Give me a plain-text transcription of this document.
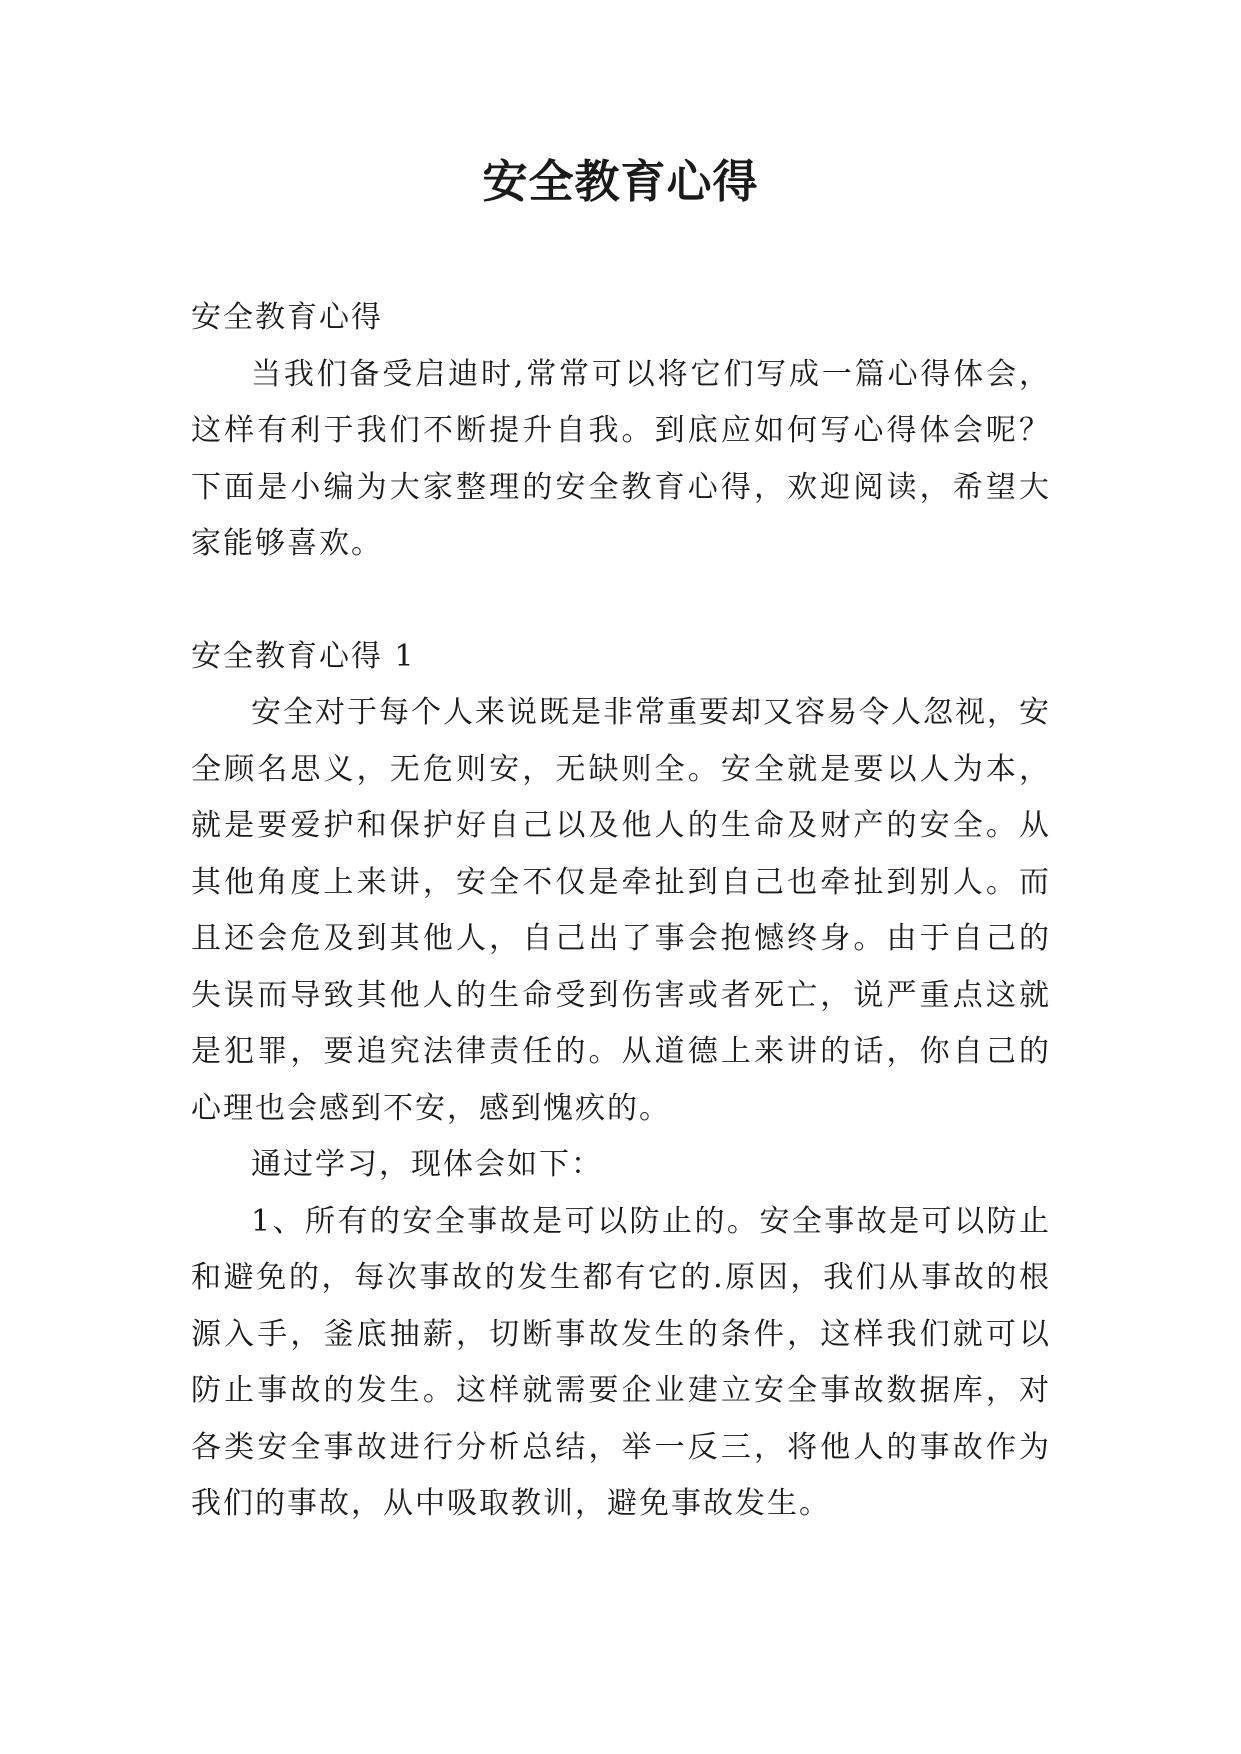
安全教育心得

安全教育心得

当我们备受启迪时,常常可以将它们写成一篇心得体会，这样有利于我们不断提升自我。到底应如何写心得体会呢？下面是小编为大家整理的安全教育心得，欢迎阅读，希望大家能够喜欢。

安全教育心得 1

安全对于每个人来说既是非常重要却又容易令人忽视，安全顾名思义，无危则安，无缺则全。安全就是要以人为本，就是要爱护和保护好自己以及他人的生命及财产的安全。从其他角度上来讲，安全不仅是牵扯到自己也牵扯到别人。而且还会危及到其他人，自己出了事会抱憾终身。由于自己的失误而导致其他人的生命受到伤害或者死亡，说严重点这就是犯罪，要追究法律责任的。从道德上来讲的话，你自己的心理也会感到不安，感到愧疚的。

通过学习，现体会如下：

1、所有的安全事故是可以防止的。安全事故是可以防止和避免的，每次事故的发生都有它的.原因，我们从事故的根源入手，釜底抽薪，切断事故发生的条件，这样我们就可以防止事故的发生。这样就需要企业建立安全事故数据库，对各类安全事故进行分析总结，举一反三，将他人的事故作为我们的事故，从中吸取教训，避免事故发生。
